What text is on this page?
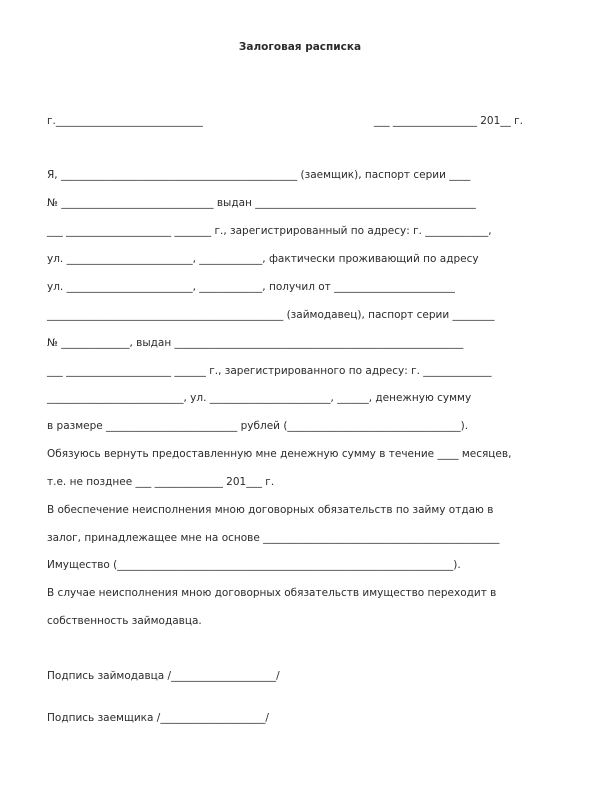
Залоговая расписка
г.____________________________	___ ________________ 201__ г.
Я, _____________________________________________ (заемщик), паспорт серии ____
№ _____________________________ выдан __________________________________________
___ ____________________ _______ г., зарегистрированный по адресу: г. ____________,
ул. ________________________, ____________, фактически проживающий по адресу
ул. ________________________, ____________, получил от _______________________
_____________________________________________ (займодавец), паспорт серии ________
№ _____________, выдан _______________________________________________________
___ ____________________ ______ г., зарегистрированного по адресу: г. _____________
__________________________, ул. _______________________, ______, денежную сумму
в размере _________________________ рублей (_________________________________).
Обязуюсь вернуть предоставленную мне денежную сумму в течение ____ месяцев,
т.е. не позднее ___ _____________ 201___ г.
В обеспечение неисполнения мною договорных обязательств по займу отдаю в
залог, принадлежащее мне на основе _____________________________________________
Имущество (________________________________________________________________).
В случае неисполнения мною договорных обязательств имущество переходит в
собственность займодавца.
Подпись займодавца /____________________/
Подпись заемщика /____________________/
